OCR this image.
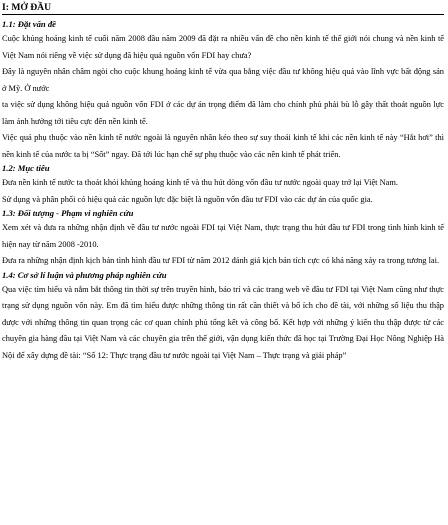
I: MỞ ĐẦU
1.1: Đặt vấn đề

Cuộc khủng hoảng kinh tế cuối năm 2008 đầu năm 2009 đã đặt ra nhiều vấn đề cho nền kinh tế thế giới nói chung và nền kinh tế Việt Nam nói riêng về việc sử dụng đã hiệu quả nguồn vốn FDI hay chưa?

Đây là nguyên nhân châm ngòi cho cuộc khung hoảng kinh tế vừa qua bằng việc đầu tư không hiệu quả vào lĩnh vực bất động sản ở Mỹ. Ở nước

ta việc sử dụng không hiệu quả nguồn vốn FDI ở các dự án trọng điểm đã làm cho chính phủ phải bù lỗ gây thất thoát nguồn lực làm ảnh hưởng tới tiêu cực đến nền kinh tế.

Việc quá phụ thuộc vào nền kinh tế nước ngoài là nguyên nhân kéo theo sự suy thoái kinh tế khi các nền kinh tế này “Hắt hơi” thì nền kinh tế của nước ta bị “Sốt” ngay. Đã tới lúc hạn chế sự phụ thuộc vào các nền kinh tế phát triển.

1.2: Mục tiêu

Đưa nền kinh tế nước ta thoát khỏi khủng hoảng kinh tế và thu hút dòng vốn đầu tư nước ngoài quay trở lại Việt Nam.

Sử dụng và phân phối có hiệu quả các nguồn lực đặc biệt là nguồn vốn đầu tư FDI vào các dự án của quốc gia.

1.3: Đối tượng - Phạm vi nghiên cứu

Xem xét và đưa ra những nhận định về đầu tư nước ngoài FDI tại Việt Nam, thực trạng thu hút đầu tư FDI trong tình hình kinh tế hiện nay từ năm 2008 -2010.

Đưa ra những nhận định kịch bản tình hình đầu tư FDI từ năm 2012 đánh giá kịch bản tích cực có khả năng xảy ra trong tương lai.

1.4: Cơ sở lí luận và phương pháp nghiên cứu

Qua việc tìm hiểu và nắm bắt thông tin thời sự trên truyền hình, báo trí và các trang web về đầu tư FDI tại Việt Nam cũng như thực trạng sử dụng nguồn vốn này. Em đã tìm hiểu được những thông tin rất cần thiết và bổ ích cho đề tài, với những số liệu thu thập được với những thông tin quan trọng các cơ quan chính phủ tổng kết và công bố. Kết hợp với những ý kiến thu thập được từ các chuyên gia hàng đầu tại Việt Nam và các chuyên gia trên thế giới, vận dụng kiến thức đã học tại Trường Đại Học Nông Nghiệp Hà Nội để xây dựng đề tài: “Số 12: Thực trạng đầu tư nước ngoài tại Việt Nam – Thực trạng và giải pháp”
